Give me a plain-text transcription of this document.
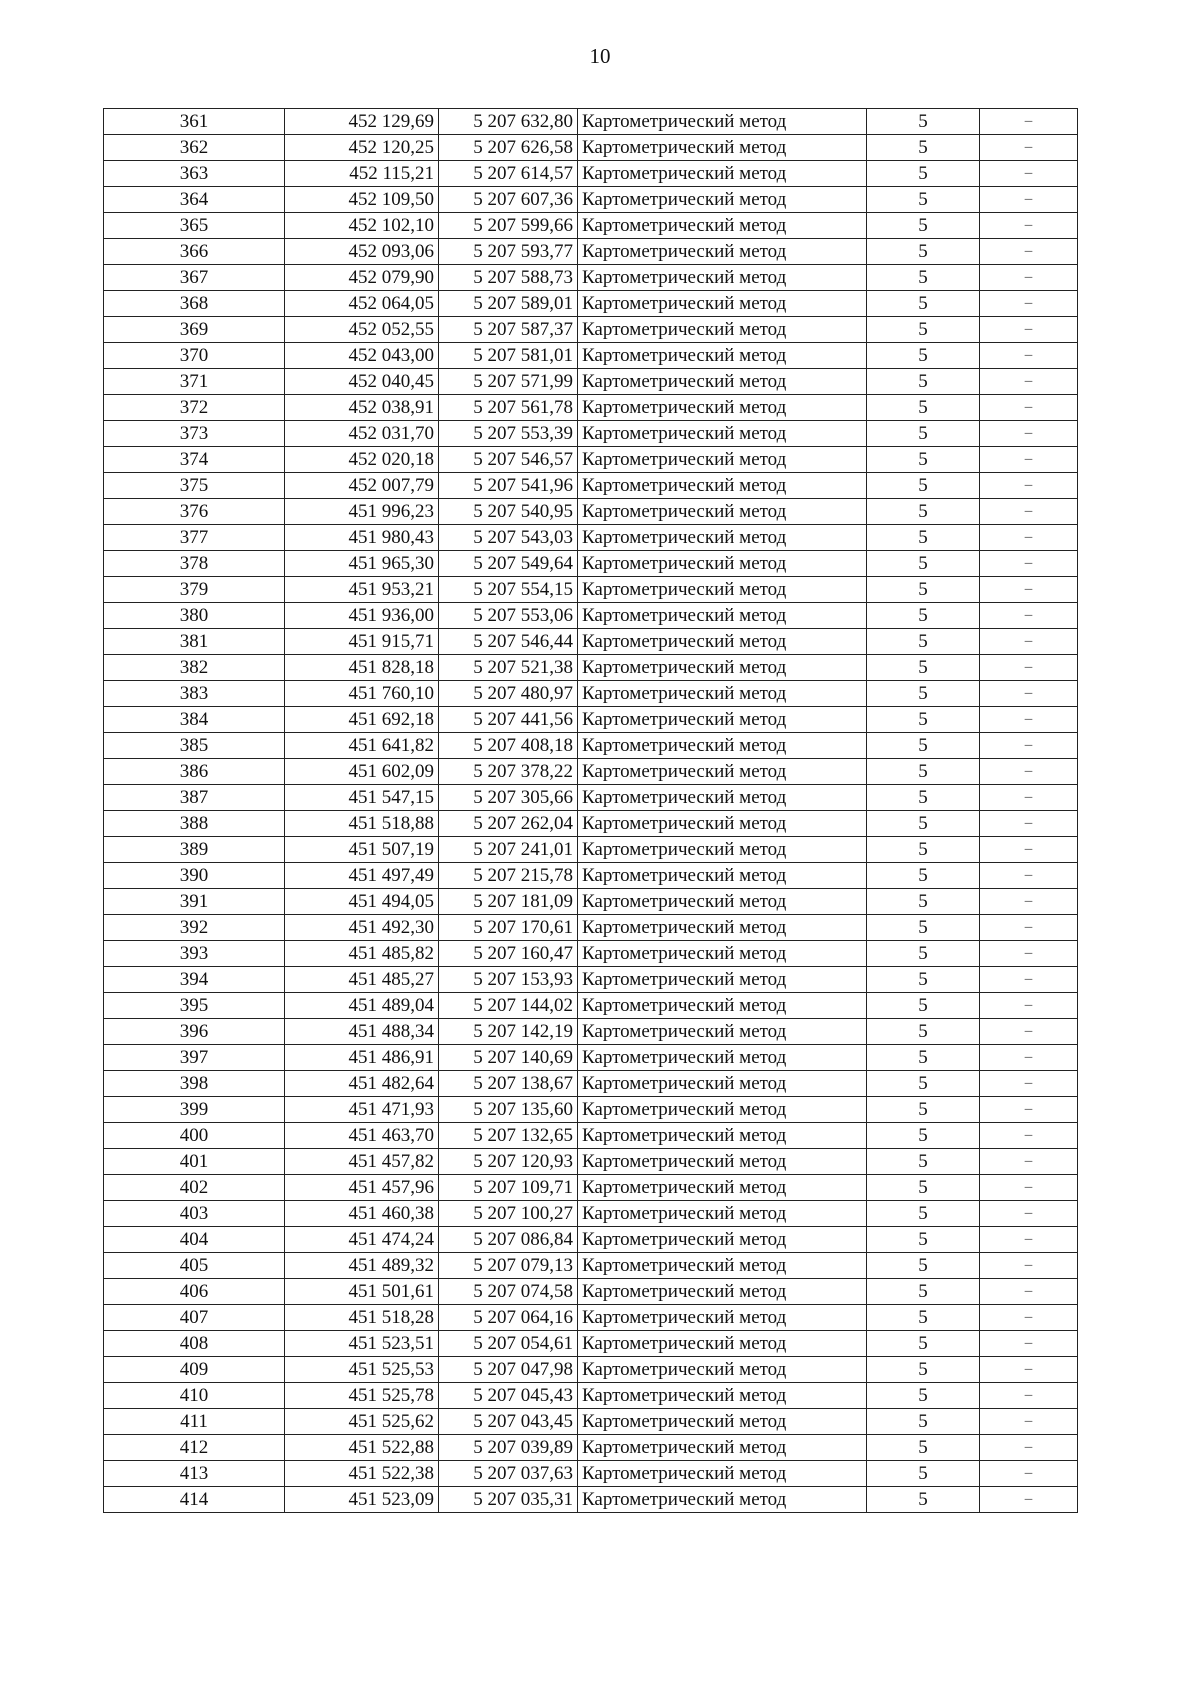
10
361	452 129,69	5 207 632,80	Картометрический метод	5	–
362	452 120,25	5 207 626,58	Картометрический метод	5	–
363	452 115,21	5 207 614,57	Картометрический метод	5	–
364	452 109,50	5 207 607,36	Картометрический метод	5	–
365	452 102,10	5 207 599,66	Картометрический метод	5	–
366	452 093,06	5 207 593,77	Картометрический метод	5	–
367	452 079,90	5 207 588,73	Картометрический метод	5	–
368	452 064,05	5 207 589,01	Картометрический метод	5	–
369	452 052,55	5 207 587,37	Картометрический метод	5	–
370	452 043,00	5 207 581,01	Картометрический метод	5	–
371	452 040,45	5 207 571,99	Картометрический метод	5	–
372	452 038,91	5 207 561,78	Картометрический метод	5	–
373	452 031,70	5 207 553,39	Картометрический метод	5	–
374	452 020,18	5 207 546,57	Картометрический метод	5	–
375	452 007,79	5 207 541,96	Картометрический метод	5	–
376	451 996,23	5 207 540,95	Картометрический метод	5	–
377	451 980,43	5 207 543,03	Картометрический метод	5	–
378	451 965,30	5 207 549,64	Картометрический метод	5	–
379	451 953,21	5 207 554,15	Картометрический метод	5	–
380	451 936,00	5 207 553,06	Картометрический метод	5	–
381	451 915,71	5 207 546,44	Картометрический метод	5	–
382	451 828,18	5 207 521,38	Картометрический метод	5	–
383	451 760,10	5 207 480,97	Картометрический метод	5	–
384	451 692,18	5 207 441,56	Картометрический метод	5	–
385	451 641,82	5 207 408,18	Картометрический метод	5	–
386	451 602,09	5 207 378,22	Картометрический метод	5	–
387	451 547,15	5 207 305,66	Картометрический метод	5	–
388	451 518,88	5 207 262,04	Картометрический метод	5	–
389	451 507,19	5 207 241,01	Картометрический метод	5	–
390	451 497,49	5 207 215,78	Картометрический метод	5	–
391	451 494,05	5 207 181,09	Картометрический метод	5	–
392	451 492,30	5 207 170,61	Картометрический метод	5	–
393	451 485,82	5 207 160,47	Картометрический метод	5	–
394	451 485,27	5 207 153,93	Картометрический метод	5	–
395	451 489,04	5 207 144,02	Картометрический метод	5	–
396	451 488,34	5 207 142,19	Картометрический метод	5	–
397	451 486,91	5 207 140,69	Картометрический метод	5	–
398	451 482,64	5 207 138,67	Картометрический метод	5	–
399	451 471,93	5 207 135,60	Картометрический метод	5	–
400	451 463,70	5 207 132,65	Картометрический метод	5	–
401	451 457,82	5 207 120,93	Картометрический метод	5	–
402	451 457,96	5 207 109,71	Картометрический метод	5	–
403	451 460,38	5 207 100,27	Картометрический метод	5	–
404	451 474,24	5 207 086,84	Картометрический метод	5	–
405	451 489,32	5 207 079,13	Картометрический метод	5	–
406	451 501,61	5 207 074,58	Картометрический метод	5	–
407	451 518,28	5 207 064,16	Картометрический метод	5	–
408	451 523,51	5 207 054,61	Картометрический метод	5	–
409	451 525,53	5 207 047,98	Картометрический метод	5	–
410	451 525,78	5 207 045,43	Картометрический метод	5	–
411	451 525,62	5 207 043,45	Картометрический метод	5	–
412	451 522,88	5 207 039,89	Картометрический метод	5	–
413	451 522,38	5 207 037,63	Картометрический метод	5	–
414	451 523,09	5 207 035,31	Картометрический метод	5	–
